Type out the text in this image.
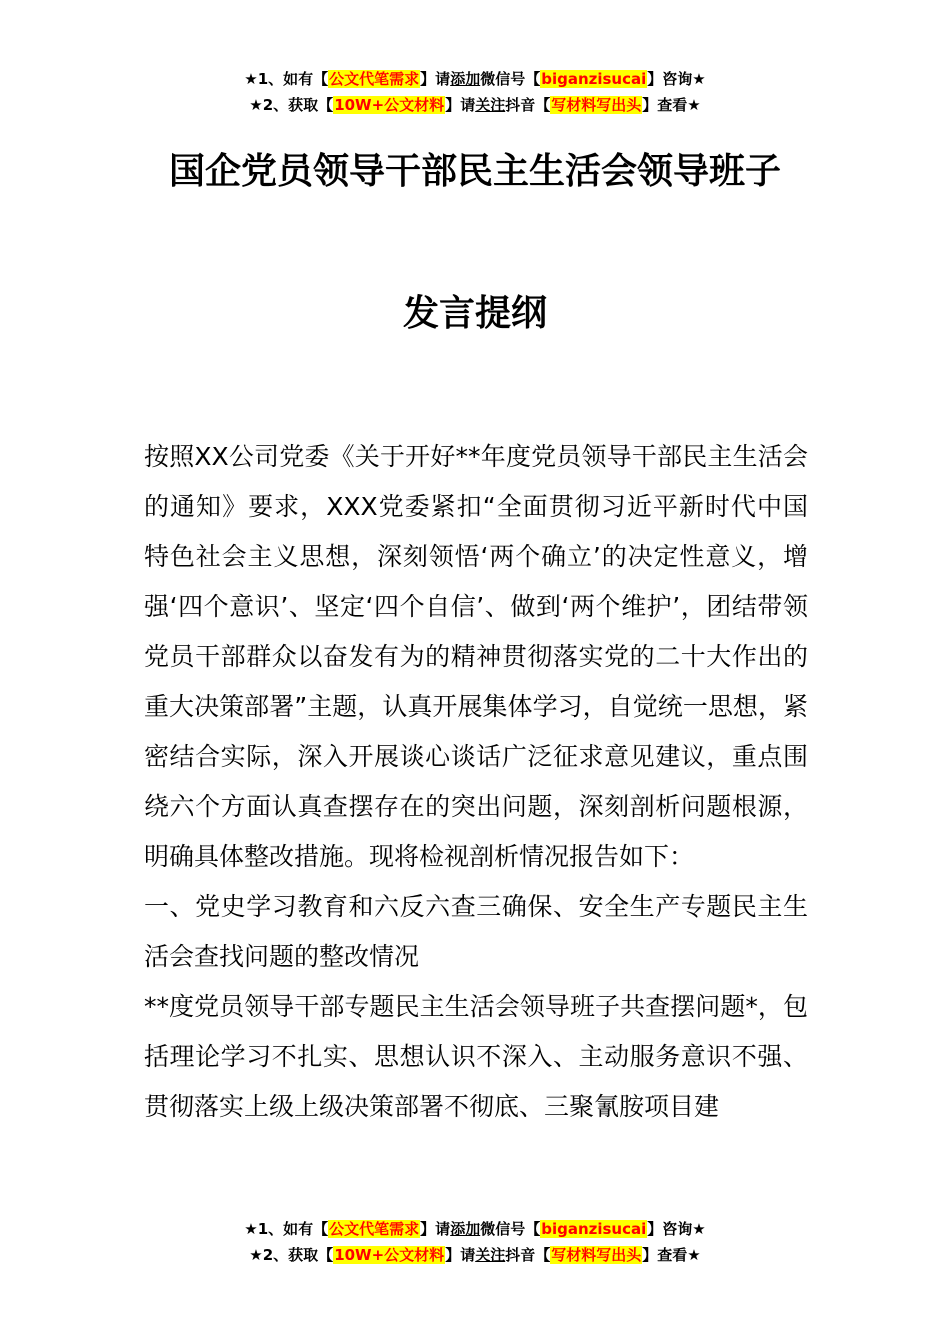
★1、如有【公文代笔需求】请添加微信号【biganzisucai】咨询★
★2、获取【10W+公文材料】请关注抖音【写材料写出头】查看★
国企党员领导干部民主生活会领导班子
发言提纲

按照XX公司党委《关于开好**年度党员领导干部民主生活会的通知》要求，XXX党委紧扣“全面贯彻习近平新时代中国特色社会主义思想，深刻领悟‘两个确立’的决定性意义，增强‘四个意识’、坚定‘四个自信’、做到‘两个维护’，团结带领党员干部群众以奋发有为的精神贯彻落实党的二十大作出的重大决策部署”主题，认真开展集体学习，自觉统一思想，紧密结合实际，深入开展谈心谈话广泛征求意见建议，重点围绕六个方面认真查摆存在的突出问题，深刻剖析问题根源，明确具体整改措施。现将检视剖析情况报告如下：

一、党史学习教育和六反六查三确保、安全生产专题民主生活会查找问题的整改情况

**度党员领导干部专题民主生活会领导班子共查摆问题*，包括理论学习不扎实、思想认识不深入、主动服务意识不强、贯彻落实上级上级决策部署不彻底、三聚氰胺项目建

★1、如有【公文代笔需求】请添加微信号【biganzisucai】咨询★
★2、获取【10W+公文材料】请关注抖音【写材料写出头】查看★
